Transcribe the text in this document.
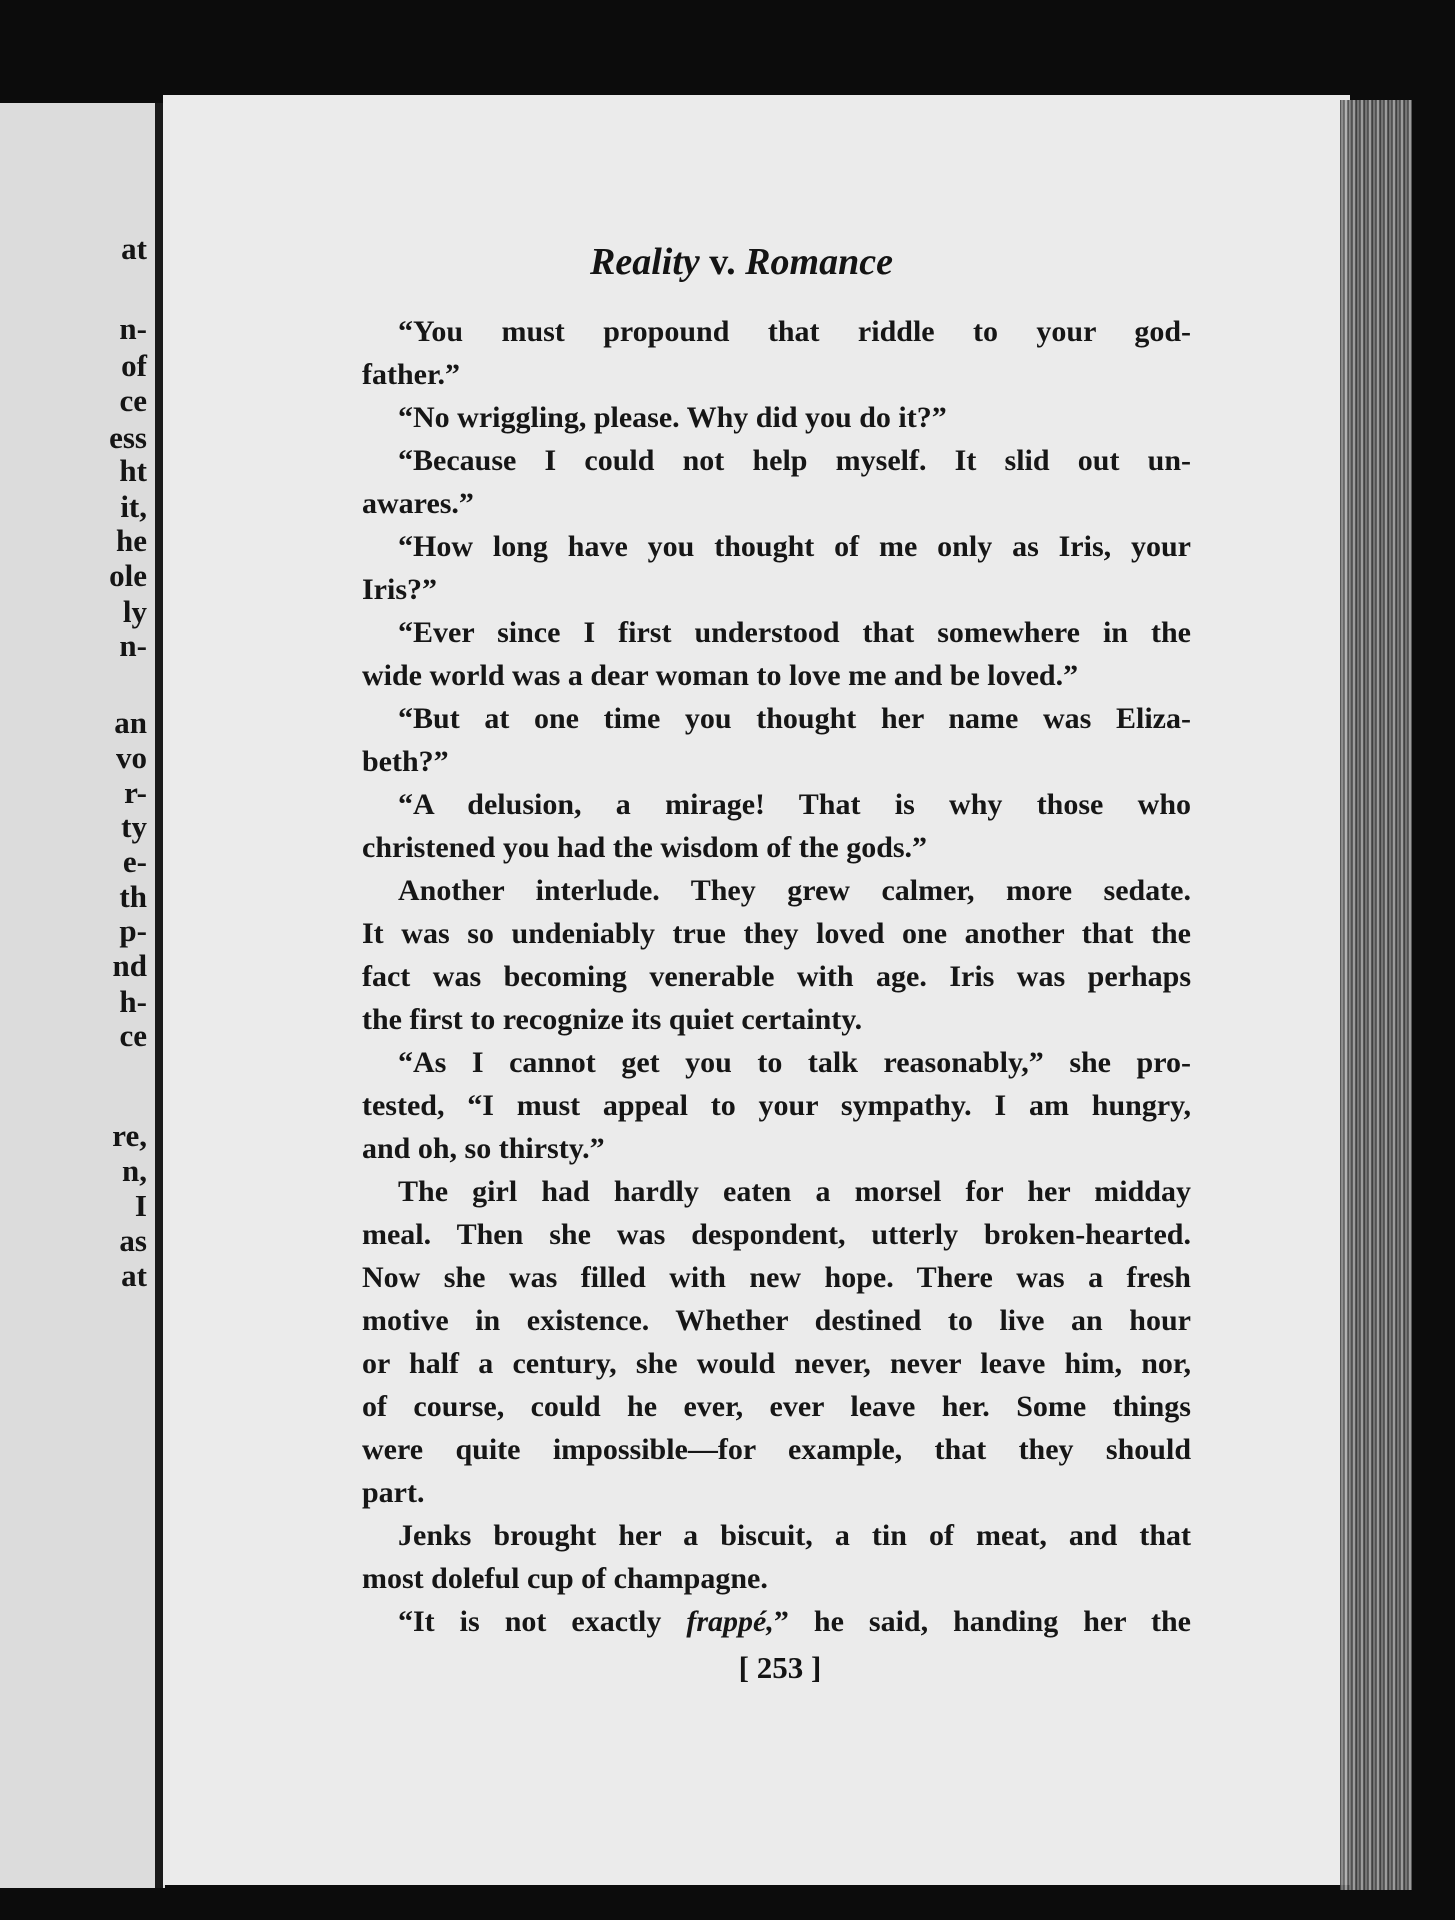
at
n-
of
ce
ess
ht
it,
he
ole
ly
n-
an
vo
r-
ty
e-
th
p-
nd
h-
ce
re,
n,
I
as
at
Reality v. Romance
“You must propound that riddle to your god-
father.”
“No wriggling, please. Why did you do it?”
“Because I could not help myself. It slid out un-
awares.”
“How long have you thought of me only as Iris, your
Iris?”
“Ever since I first understood that somewhere in the
wide world was a dear woman to love me and be loved.”
“But at one time you thought her name was Eliza-
beth?”
“A delusion, a mirage! That is why those who
christened you had the wisdom of the gods.”
Another interlude. They grew calmer, more sedate.
It was so undeniably true they loved one another that the
fact was becoming venerable with age. Iris was perhaps
the first to recognize its quiet certainty.
“As I cannot get you to talk reasonably,” she pro-
tested, “I must appeal to your sympathy. I am hungry,
and oh, so thirsty.”
The girl had hardly eaten a morsel for her midday
meal. Then she was despondent, utterly broken-hearted.
Now she was filled with new hope. There was a fresh
motive in existence. Whether destined to live an hour
or half a century, she would never, never leave him, nor,
of course, could he ever, ever leave her. Some things
were quite impossible—for example, that they should
part.
Jenks brought her a biscuit, a tin of meat, and that
most doleful cup of champagne.
“It is not exactly frappé,” he said, handing her the
[ 253 ]
